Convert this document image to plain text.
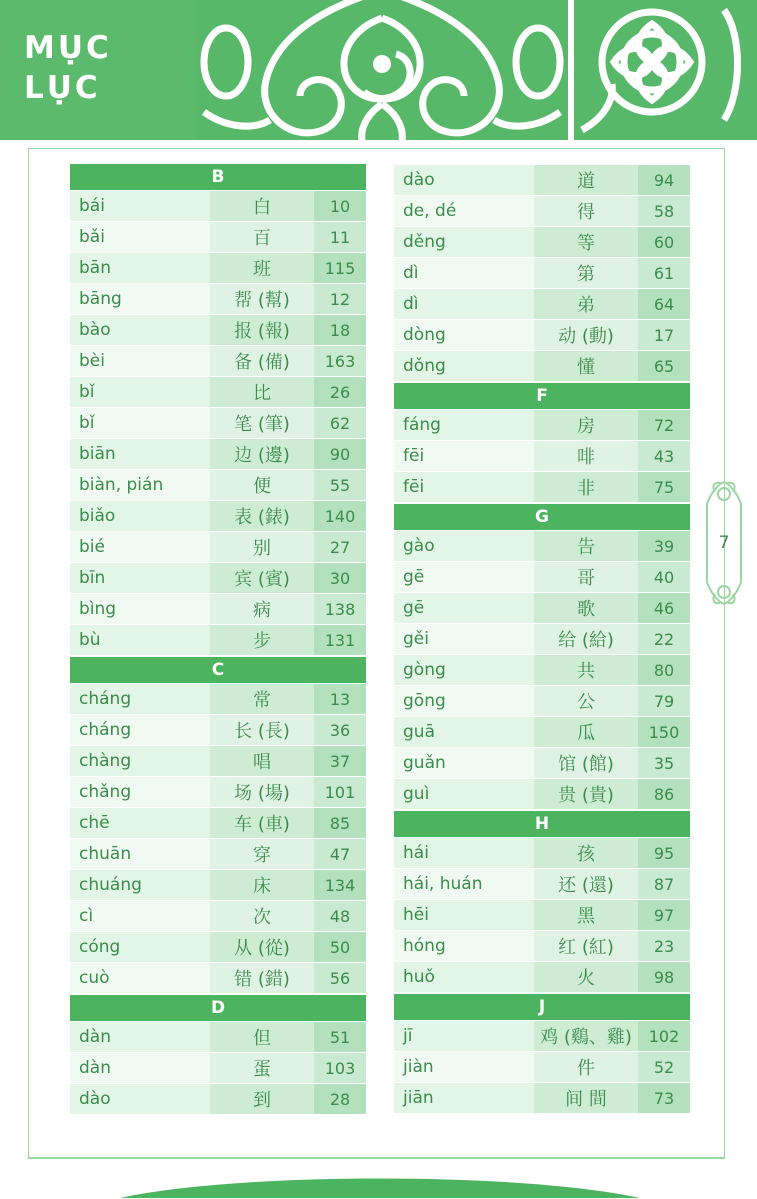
MỤC LỤC
B
bái	白	10
bǎi	百	11
bān	班	115
bāng	帮 (幫)	12
bào	报 (報)	18
bèi	备 (備)	163
bǐ	比	26
bǐ	笔 (筆)	62
biān	边 (邊)	90
biàn, pián	便	55
biǎo	表 (錶)	140
bié	别	27
bīn	宾 (賓)	30
bìng	病	138
bù	步	131
C
cháng	常	13
cháng	长 (長)	36
chàng	唱	37
chǎng	场 (場)	101
chē	车 (車)	85
chuān	穿	47
chuáng	床	134
cì	次	48
cóng	从 (從)	50
cuò	错 (錯)	56
D
dàn	但	51
dàn	蛋	103
dào	到	28
dào	道	94
de, dé	得	58
děng	等	60
dì	第	61
dì	弟	64
dòng	动 (動)	17
dǒng	懂	65
F
fáng	房	72
fēi	啡	43
fēi	非	75
G
gào	告	39
gē	哥	40
gē	歌	46
gěi	给 (給)	22
gòng	共	80
gōng	公	79
guā	瓜	150
guǎn	馆 (館)	35
guì	贵 (貴)	86
H
hái	孩	95
hái, huán	还 (還)	87
hēi	黑	97
hóng	红 (紅)	23
huǒ	火	98
J
jī	鸡 (鷄、雞)	102
jiàn	件	52
jiān	间 間	73
7
